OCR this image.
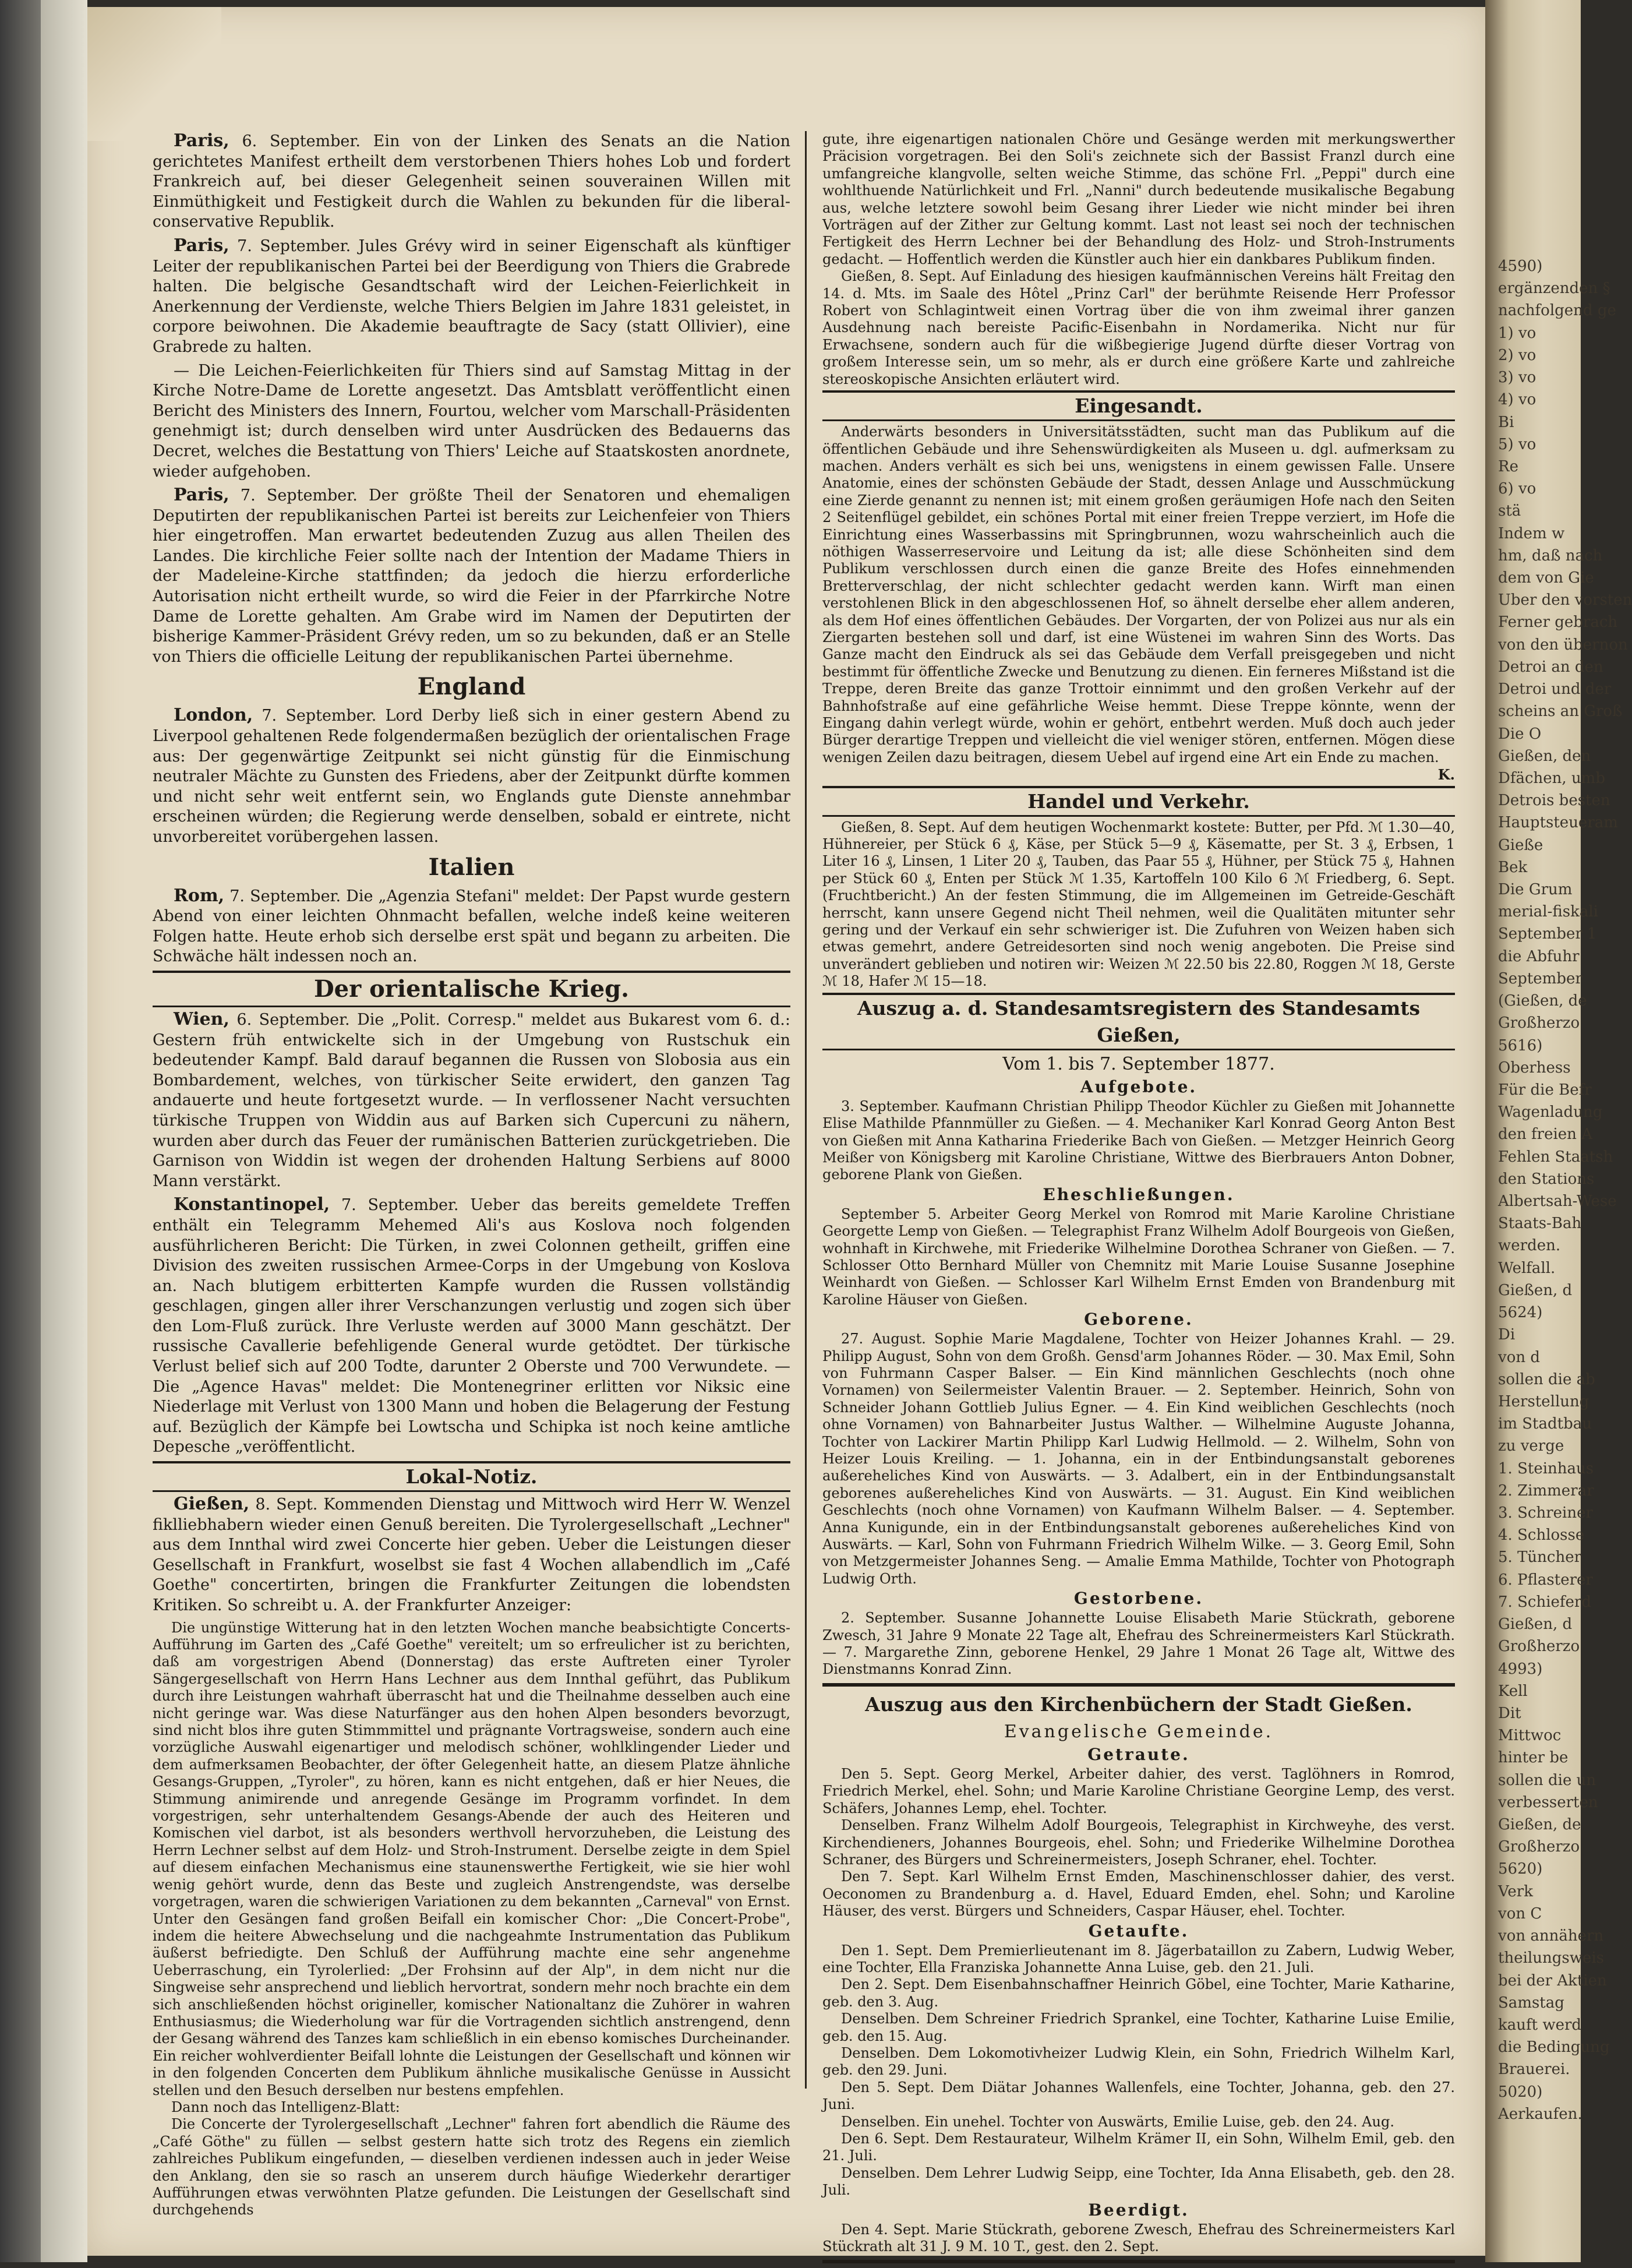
Paris, 6. September. Ein von der Linken des Senats an die Nation gerichtetes Manifest ertheilt dem verstorbenen Thiers hohes Lob und fordert Frankreich auf, bei dieser Gelegenheit seinen souverainen Willen mit Einmüthigkeit und Festigkeit durch die Wahlen zu bekunden für die liberal-conservative Republik.

Paris, 7. September. Jules Grévy wird in seiner Eigenschaft als künftiger Leiter der republikanischen Partei bei der Beerdigung von Thiers die Grabrede halten. Die belgische Gesandtschaft wird der Leichen-Feierlichkeit in Anerkennung der Verdienste, welche Thiers Belgien im Jahre 1831 geleistet, in corpore beiwohnen. Die Akademie beauftragte de Sacy (statt Ollivier), eine Grabrede zu halten.

— Die Leichen-Feierlichkeiten für Thiers sind auf Samstag Mittag in der Kirche Notre-Dame de Lorette angesetzt. Das Amtsblatt veröffentlicht einen Bericht des Ministers des Innern, Fourtou, welcher vom Marschall-Präsidenten genehmigt ist; durch denselben wird unter Ausdrücken des Bedauerns das Decret, welches die Bestattung von Thiers' Leiche auf Staatskosten anordnete, wieder aufgehoben.

Paris, 7. September. Der größte Theil der Senatoren und ehemaligen Deputirten der republikanischen Partei ist bereits zur Leichenfeier von Thiers hier eingetroffen. Man erwartet bedeutenden Zuzug aus allen Theilen des Landes. Die kirchliche Feier sollte nach der Intention der Madame Thiers in der Madeleine-Kirche stattfinden; da jedoch die hierzu erforderliche Autorisation nicht ertheilt wurde, so wird die Feier in der Pfarrkirche Notre Dame de Lorette gehalten. Am Grabe wird im Namen der Deputirten der bisherige Kammer-Präsident Grévy reden, um so zu bekunden, daß er an Stelle von Thiers die officielle Leitung der republikanischen Partei übernehme.

England

London, 7. September. Lord Derby ließ sich in einer gestern Abend zu Liverpool gehaltenen Rede folgendermaßen bezüglich der orientalischen Frage aus: Der gegenwärtige Zeitpunkt sei nicht günstig für die Einmischung neutraler Mächte zu Gunsten des Friedens, aber der Zeitpunkt dürfte kommen und nicht sehr weit entfernt sein, wo Englands gute Dienste annehmbar erscheinen würden; die Regierung werde denselben, sobald er eintrete, nicht unvorbereitet vorübergehen lassen.

Italien

Rom, 7. September. Die „Agenzia Stefani" meldet: Der Papst wurde gestern Abend von einer leichten Ohnmacht befallen, welche indeß keine weiteren Folgen hatte. Heute erhob sich derselbe erst spät und begann zu arbeiten. Die Schwäche hält indessen noch an.

Der orientalische Krieg.

Wien, 6. September. Die „Polit. Corresp." meldet aus Bukarest vom 6. d.: Gestern früh entwickelte sich in der Umgebung von Rustschuk ein bedeutender Kampf. Bald darauf begannen die Russen von Slobosia aus ein Bombardement, welches, von türkischer Seite erwidert, den ganzen Tag andauerte und heute fortgesetzt wurde. — In verflossener Nacht versuchten türkische Truppen von Widdin aus auf Barken sich Cupercuni zu nähern, wurden aber durch das Feuer der rumänischen Batterien zurückgetrieben. Die Garnison von Widdin ist wegen der drohenden Haltung Serbiens auf 8000 Mann verstärkt.

Konstantinopel, 7. September. Ueber das bereits gemeldete Treffen enthält ein Telegramm Mehemed Ali's aus Koslova noch folgenden ausführlicheren Bericht: Die Türken, in zwei Colonnen getheilt, griffen eine Division des zweiten russischen Armee-Corps in der Umgebung von Koslova an. Nach blutigem erbitterten Kampfe wurden die Russen vollständig geschlagen, gingen aller ihrer Verschanzungen verlustig und zogen sich über den Lom-Fluß zurück. Ihre Verluste werden auf 3000 Mann geschätzt. Der russische Cavallerie befehligende General wurde getödtet. Der türkische Verlust belief sich auf 200 Todte, darunter 2 Oberste und 700 Verwundete. — Die „Agence Havas" meldet: Die Montenegriner erlitten vor Niksic eine Niederlage mit Verlust von 1300 Mann und hoben die Belagerung der Festung auf. Bezüglich der Kämpfe bei Lowtscha und Schipka ist noch keine amtliche Depesche „veröffentlicht.

Lokal-Notiz.

Gießen, 8. Sept. Kommenden Dienstag und Mittwoch wird Herr W. Wenzel fiklliebhabern wieder einen Genuß bereiten. Die Tyrolergesellschaft „Lechner" aus dem Innthal wird zwei Concerte hier geben. Ueber die Leistungen dieser Gesellschaft in Frankfurt, woselbst sie fast 4 Wochen allabendlich im „Café Goethe" concertirten, bringen die Frankfurter Zeitungen die lobendsten Kritiken. So schreibt u. A. der Frankfurter Anzeiger:

Die ungünstige Witterung hat in den letzten Wochen manche beabsichtigte Concerts-Aufführung im Garten des „Café Goethe" vereitelt; um so erfreulicher ist zu berichten, daß am vorgestrigen Abend (Donnerstag) das erste Auftreten einer Tyroler Sängergesellschaft von Herrn Hans Lechner aus dem Innthal geführt, das Publikum durch ihre Leistungen wahrhaft überrascht hat und die Theilnahme desselben auch eine nicht geringe war. Was diese Naturfänger aus den hohen Alpen besonders bevorzugt, sind nicht blos ihre guten Stimmmittel und prägnante Vortragsweise, sondern auch eine vorzügliche Auswahl eigenartiger und melodisch schöner, wohlklingender Lieder und dem aufmerksamen Beobachter, der öfter Gelegenheit hatte, an diesem Platze ähnliche Gesangs-Gruppen, „Tyroler", zu hören, kann es nicht entgehen, daß er hier Neues, die Stimmung animirende und anregende Gesänge im Programm vorfindet. In dem vorgestrigen, sehr unterhaltendem Gesangs-Abende der auch des Heiteren und Komischen viel darbot, ist als besonders werthvoll hervorzuheben, die Leistung des Herrn Lechner selbst auf dem Holz- und Stroh-Instrument. Derselbe zeigte in dem Spiel auf diesem einfachen Mechanismus eine staunenswerthe Fertigkeit, wie sie hier wohl wenig gehört wurde, denn das Beste und zugleich Anstrengendste, was derselbe vorgetragen, waren die schwierigen Variationen zu dem bekannten „Carneval" von Ernst. Unter den Gesängen fand großen Beifall ein komischer Chor: „Die Concert-Probe", indem die heitere Abwechselung und die nachgeahmte Instrumentation das Publikum äußerst befriedigte. Den Schluß der Aufführung machte eine sehr angenehme Ueberraschung, ein Tyrolerlied: „Der Frohsinn auf der Alp", in dem nicht nur die Singweise sehr ansprechend und lieblich hervortrat, sondern mehr noch brachte ein dem sich anschließenden höchst origineller, komischer Nationaltanz die Zuhörer in wahren Enthusiasmus; die Wiederholung war für die Vortragenden sichtlich anstrengend, denn der Gesang während des Tanzes kam schließlich in ein ebenso komisches Durcheinander. Ein reicher wohlverdienter Beifall lohnte die Leistungen der Gesellschaft und können wir in den folgenden Concerten dem Publikum ähnliche musikalische Genüsse in Aussicht stellen und den Besuch derselben nur bestens empfehlen.

Dann noch das Intelligenz-Blatt:

Die Concerte der Tyrolergesellschaft „Lechner" fahren fort abendlich die Räume des „Café Göthe" zu füllen — selbst gestern hatte sich trotz des Regens ein ziemlich zahlreiches Publikum eingefunden, — dieselben verdienen indessen auch in jeder Weise den Anklang, den sie so rasch an unserem durch häufige Wiederkehr derartiger Aufführungen etwas verwöhnten Platze gefunden. Die Leistungen der Gesellschaft sind durchgehends

gute, ihre eigenartigen nationalen Chöre und Gesänge werden mit merkungswerther Präcision vorgetragen. Bei den Soli's zeichnete sich der Bassist Franzl durch eine umfangreiche klangvolle, selten weiche Stimme, das schöne Frl. „Peppi" durch eine wohlthuende Natürlichkeit und Frl. „Nanni" durch bedeutende musikalische Begabung aus, welche letztere sowohl beim Gesang ihrer Lieder wie nicht minder bei ihren Vorträgen auf der Zither zur Geltung kommt. Last not least sei noch der technischen Fertigkeit des Herrn Lechner bei der Behandlung des Holz- und Stroh-Instruments gedacht. — Hoffentlich werden die Künstler auch hier ein dankbares Publikum finden.

Gießen, 8. Sept. Auf Einladung des hiesigen kaufmännischen Vereins hält Freitag den 14. d. Mts. im Saale des Hôtel „Prinz Carl" der berühmte Reisende Herr Professor Robert von Schlagintweit einen Vortrag über die von ihm zweimal ihrer ganzen Ausdehnung nach bereiste Pacific-Eisenbahn in Nordamerika. Nicht nur für Erwachsene, sondern auch für die wißbegierige Jugend dürfte dieser Vortrag von großem Interesse sein, um so mehr, als er durch eine größere Karte und zahlreiche stereoskopische Ansichten erläutert wird.

Eingesandt.

Anderwärts besonders in Universitätsstädten, sucht man das Publikum auf die öffentlichen Gebäude und ihre Sehenswürdigkeiten als Museen u. dgl. aufmerksam zu machen. Anders verhält es sich bei uns, wenigstens in einem gewissen Falle. Unsere Anatomie, eines der schönsten Gebäude der Stadt, dessen Anlage und Ausschmückung eine Zierde genannt zu nennen ist; mit einem großen geräumigen Hofe nach den Seiten 2 Seitenflügel gebildet, ein schönes Portal mit einer freien Treppe verziert, im Hofe die Einrichtung eines Wasserbassins mit Springbrunnen, wozu wahrscheinlich auch die nöthigen Wasserreservoire und Leitung da ist; alle diese Schönheiten sind dem Publikum verschlossen durch einen die ganze Breite des Hofes einnehmenden Bretterverschlag, der nicht schlechter gedacht werden kann. Wirft man einen verstohlenen Blick in den abgeschlossenen Hof, so ähnelt derselbe eher allem anderen, als dem Hof eines öffentlichen Gebäudes. Der Vorgarten, der von Polizei aus nur als ein Ziergarten bestehen soll und darf, ist eine Wüstenei im wahren Sinn des Worts. Das Ganze macht den Eindruck als sei das Gebäude dem Verfall preisgegeben und nicht bestimmt für öffentliche Zwecke und Benutzung zu dienen. Ein ferneres Mißstand ist die Treppe, deren Breite das ganze Trottoir einnimmt und den großen Verkehr auf der Bahnhofstraße auf eine gefährliche Weise hemmt. Diese Treppe könnte, wenn der Eingang dahin verlegt würde, wohin er gehört, entbehrt werden. Muß doch auch jeder Bürger derartige Treppen und vielleicht die viel weniger stören, entfernen. Mögen diese wenigen Zeilen dazu beitragen, diesem Uebel auf irgend eine Art ein Ende zu machen.

K.
Handel und Verkehr.

Gießen, 8. Sept. Auf dem heutigen Wochenmarkt kostete: Butter, per Pfd. ℳ 1.30—40, Hühnereier, per Stück 6 ₰, Käse, per Stück 5—9 ₰, Käsematte, per St. 3 ₰, Erbsen, 1 Liter 16 ₰, Linsen, 1 Liter 20 ₰, Tauben, das Paar 55 ₰, Hühner, per Stück 75 ₰, Hahnen per Stück 60 ₰, Enten per Stück ℳ 1.35, Kartoffeln 100 Kilo 6 ℳ Friedberg, 6. Sept. (Fruchtbericht.) An der festen Stimmung, die im Allgemeinen im Getreide-Geschäft herrscht, kann unsere Gegend nicht Theil nehmen, weil die Qualitäten mitunter sehr gering und der Verkauf ein sehr schwieriger ist. Die Zufuhren von Weizen haben sich etwas gemehrt, andere Getreidesorten sind noch wenig angeboten. Die Preise sind unverändert geblieben und notiren wir: Weizen ℳ 22.50 bis 22.80, Roggen ℳ 18, Gerste ℳ 18, Hafer ℳ 15—18.

Auszug a. d. Standesamtsregistern des Standesamts Gießen,
Vom 1. bis 7. September 1877.
Aufgebote.

3. September. Kaufmann Christian Philipp Theodor Küchler zu Gießen mit Johannette Elise Mathilde Pfannmüller zu Gießen. — 4. Mechaniker Karl Konrad Georg Anton Best von Gießen mit Anna Katharina Friederike Bach von Gießen. — Metzger Heinrich Georg Meißer von Königsberg mit Karoline Christiane, Wittwe des Bierbrauers Anton Dobner, geborene Plank von Gießen.

Eheschließungen.

September 5. Arbeiter Georg Merkel von Romrod mit Marie Karoline Christiane Georgette Lemp von Gießen. — Telegraphist Franz Wilhelm Adolf Bourgeois von Gießen, wohnhaft in Kirchwehe, mit Friederike Wilhelmine Dorothea Schraner von Gießen. — 7. Schlosser Otto Bernhard Müller von Chemnitz mit Marie Louise Susanne Josephine Weinhardt von Gießen. — Schlosser Karl Wilhelm Ernst Emden von Brandenburg mit Karoline Häuser von Gießen.

Geborene.

27. August. Sophie Marie Magdalene, Tochter von Heizer Johannes Krahl. — 29. Philipp August, Sohn von dem Großh. Gensd'arm Johannes Röder. — 30. Max Emil, Sohn von Fuhrmann Casper Balser. — Ein Kind männlichen Geschlechts (noch ohne Vornamen) von Seilermeister Valentin Brauer. — 2. September. Heinrich, Sohn von Schneider Johann Gottlieb Julius Egner. — 4. Ein Kind weiblichen Geschlechts (noch ohne Vornamen) von Bahnarbeiter Justus Walther. — Wilhelmine Auguste Johanna, Tochter von Lackirer Martin Philipp Karl Ludwig Hellmold. — 2. Wilhelm, Sohn von Heizer Louis Kreiling. — 1. Johanna, ein in der Entbindungsanstalt geborenes außereheliches Kind von Auswärts. — 3. Adalbert, ein in der Entbindungsanstalt geborenes außereheliches Kind von Auswärts. — 31. August. Ein Kind weiblichen Geschlechts (noch ohne Vornamen) von Kaufmann Wilhelm Balser. — 4. September. Anna Kunigunde, ein in der Entbindungsanstalt geborenes außereheliches Kind von Auswärts. — Karl, Sohn von Fuhrmann Friedrich Wilhelm Wilke. — 3. Georg Emil, Sohn von Metzgermeister Johannes Seng. — Amalie Emma Mathilde, Tochter von Photograph Ludwig Orth.

Gestorbene.

2. September. Susanne Johannette Louise Elisabeth Marie Stückrath, geborene Zwesch, 31 Jahre 9 Monate 22 Tage alt, Ehefrau des Schreinermeisters Karl Stückrath. — 7. Margarethe Zinn, geborene Henkel, 29 Jahre 1 Monat 26 Tage alt, Wittwe des Dienstmanns Konrad Zinn.

Auszug aus den Kirchenbüchern der Stadt Gießen.
Evangelische Gemeinde.
Getraute.

Den 5. Sept. Georg Merkel, Arbeiter dahier, des verst. Taglöhners in Romrod, Friedrich Merkel, ehel. Sohn; und Marie Karoline Christiane Georgine Lemp, des verst. Schäfers, Johannes Lemp, ehel. Tochter.

Denselben. Franz Wilhelm Adolf Bourgeois, Telegraphist in Kirchweyhe, des verst. Kirchendieners, Johannes Bourgeois, ehel. Sohn; und Friederike Wilhelmine Dorothea Schraner, des Bürgers und Schreinermeisters, Joseph Schraner, ehel. Tochter.

Den 7. Sept. Karl Wilhelm Ernst Emden, Maschinenschlosser dahier, des verst. Oeconomen zu Brandenburg a. d. Havel, Eduard Emden, ehel. Sohn; und Karoline Häuser, des verst. Bürgers und Schneiders, Caspar Häuser, ehel. Tochter.

Getaufte.

Den 1. Sept. Dem Premierlieutenant im 8. Jägerbataillon zu Zabern, Ludwig Weber, eine Tochter, Ella Franziska Johannette Anna Luise, geb. den 21. Juli.

Den 2. Sept. Dem Eisenbahnschaffner Heinrich Göbel, eine Tochter, Marie Katharine, geb. den 3. Aug.

Denselben. Dem Schreiner Friedrich Sprankel, eine Tochter, Katharine Luise Emilie, geb. den 15. Aug.

Denselben. Dem Lokomotivheizer Ludwig Klein, ein Sohn, Friedrich Wilhelm Karl, geb. den 29. Juni.

Den 5. Sept. Dem Diätar Johannes Wallenfels, eine Tochter, Johanna, geb. den 27. Juni.

Denselben. Ein unehel. Tochter von Auswärts, Emilie Luise, geb. den 24. Aug.

Den 6. Sept. Dem Restaurateur, Wilhelm Krämer II, ein Sohn, Wilhelm Emil, geb. den 21. Juli.

Denselben. Dem Lehrer Ludwig Seipp, eine Tochter, Ida Anna Elisabeth, geb. den 28. Juli.

Beerdigt.

Den 4. Sept. Marie Stückrath, geborene Zwesch, Ehefrau des Schreinermeisters Karl Stückrath alt 31 J. 9 M. 10 T., gest. den 2. Sept.

4590)
ergänzenden §
nachfolgend ge
1) vo
2) vo
3) vo
4) vo
Bi
5) vo
Re
6) vo
stä
Indem w
hm, daß nach
dem von Gie
Uber den vorsten
Ferner gebrach
von den übernon
Detroi an den
Detroi und der
scheins an Groß
Die O
Gießen, den
Dfächen, umb
Detrois besten
Hauptsteueram
Gieße
Bek
Die Grum
merial-fiskali
September 1
die Abfuhr
September
(Gießen, de
Großherzo
5616)
Oberhess
Für die Befr
Wagenladung
den freien A
Fehlen Staatsh
den Stations
Albertsah-Wese
Staats-Bah
werden.
Welfall.
Gießen, d
5624)
Di
von d
sollen die ab
Herstellung
im Stadtbau
zu verge
1. Steinhaus
2. Zimmerar
3. Schreiner
4. Schlosse
5. Tüncher
6. Pflasterer
7. Schieferd
Gießen, d
Großherzo
4993)
Kell
Dit
Mittwoc
hinter be
sollen die un
verbesserten
Gießen, de
Großherzo
5620)
Verk
von C
von annähern
theilungsweis
bei der Aktien
Samstag
kauft werd
die Bedingung
Brauerei.
5020)
Aerkaufen.
